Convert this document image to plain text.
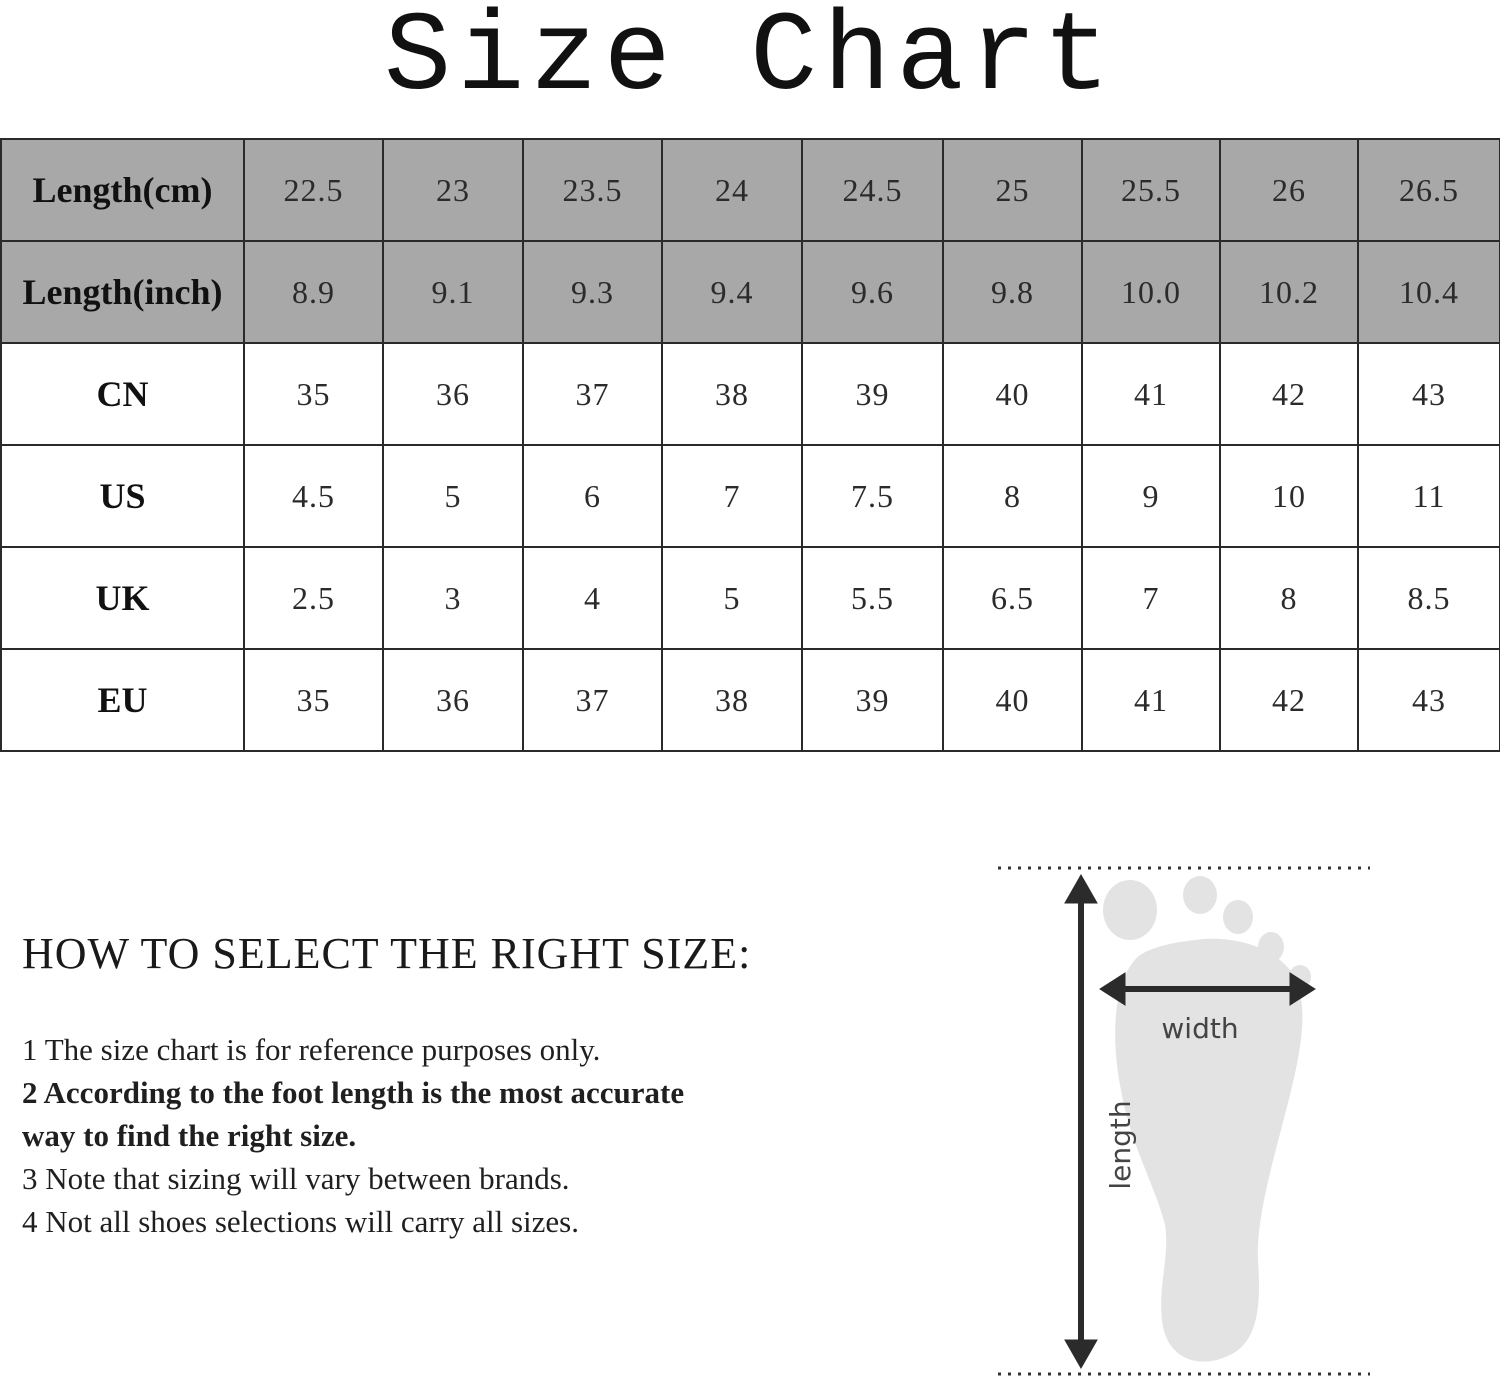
Size Chart
Length(cm)	22.5	23	23.5	24	24.5	25	25.5	26	26.5
Length(inch)	8.9	9.1	9.3	9.4	9.6	9.8	10.0	10.2	10.4
CN	35	36	37	38	39	40	41	42	43
US	4.5	5	6	7	7.5	8	9	10	11
UK	2.5	3	4	5	5.5	6.5	7	8	8.5
EU	35	36	37	38	39	40	41	42	43
HOW TO SELECT THE RIGHT SIZE:
1 The size chart is for reference purposes only.
2 According to the foot length is the most accurate way to find the right size.
3 Note that sizing will vary between brands.
4 Not all shoes selections will carry all sizes.
width
length
